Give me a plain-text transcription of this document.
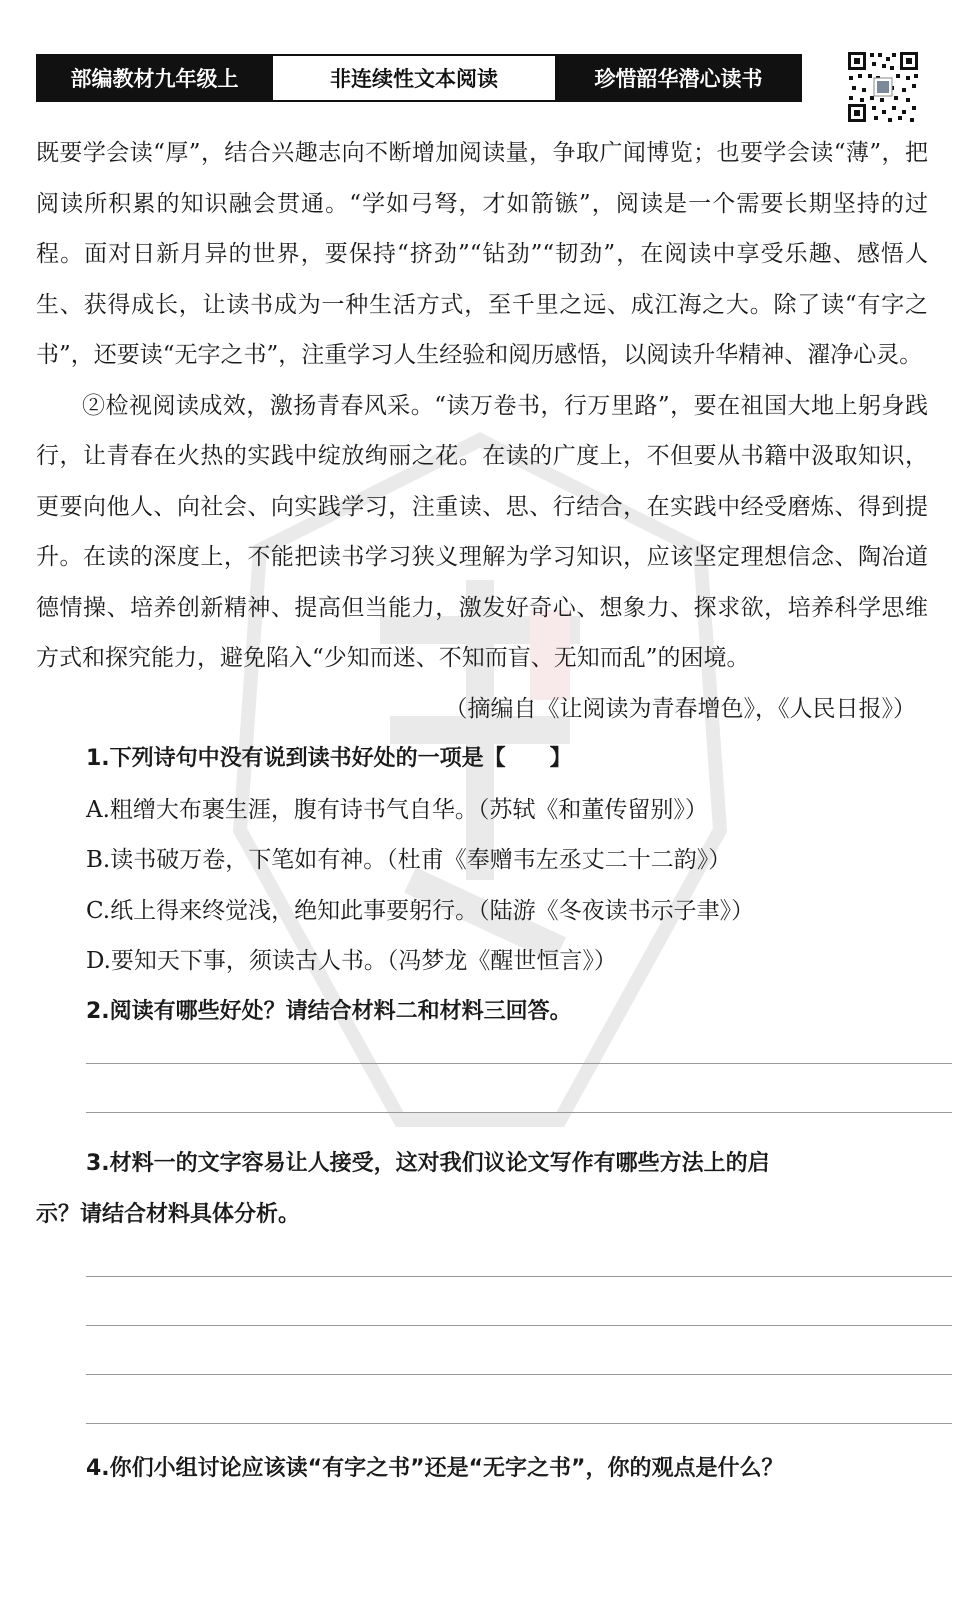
部编教材九年级上	非连续性文本阅读	珍惜韶华潜心读书

既要学会读“厚”，结合兴趣志向不断增加阅读量，争取广闻博览；也要学会读“薄”，把阅读所积累的知识融会贯通。“学如弓弩，才如箭镞”，阅读是一个需要长期坚持的过程。面对日新月异的世界，要保持“挤劲”“钻劲”“韧劲”，在阅读中享受乐趣、感悟人生、获得成长，让读书成为一种生活方式，至千里之远、成江海之大。除了读“有字之书”，还要读“无字之书”，注重学习人生经验和阅历感悟，以阅读升华精神、濯净心灵。

②检视阅读成效，激扬青春风采。“读万卷书，行万里路”，要在祖国大地上躬身践行，让青春在火热的实践中绽放绚丽之花。在读的广度上，不但要从书籍中汲取知识，更要向他人、向社会、向实践学习，注重读、思、行结合，在实践中经受磨炼、得到提升。在读的深度上，不能把读书学习狭义理解为学习知识，应该坚定理想信念、陶冶道德情操、培养创新精神、提高但当能力，激发好奇心、想象力、探求欲，培养科学思维方式和探究能力，避免陷入“少知而迷、不知而盲、无知而乱”的困境。

（摘编自《让阅读为青春增色》，《人民日报》）

1.下列诗句中没有说到读书好处的一项是【　　】

A.粗缯大布裹生涯，腹有诗书气自华。（苏轼《和董传留别》）

B.读书破万卷，下笔如有神。（杜甫《奉赠韦左丞丈二十二韵》）

C.纸上得来终觉浅，绝知此事要躬行。（陆游《冬夜读书示子聿》）

D.要知天下事，须读古人书。（冯梦龙《醒世恒言》）

2.阅读有哪些好处？请结合材料二和材料三回答。

3.材料一的文字容易让人接受，这对我们议论文写作有哪些方法上的启
示？请结合材料具体分析。

4.你们小组讨论应该读“有字之书”还是“无字之书”，你的观点是什么？
